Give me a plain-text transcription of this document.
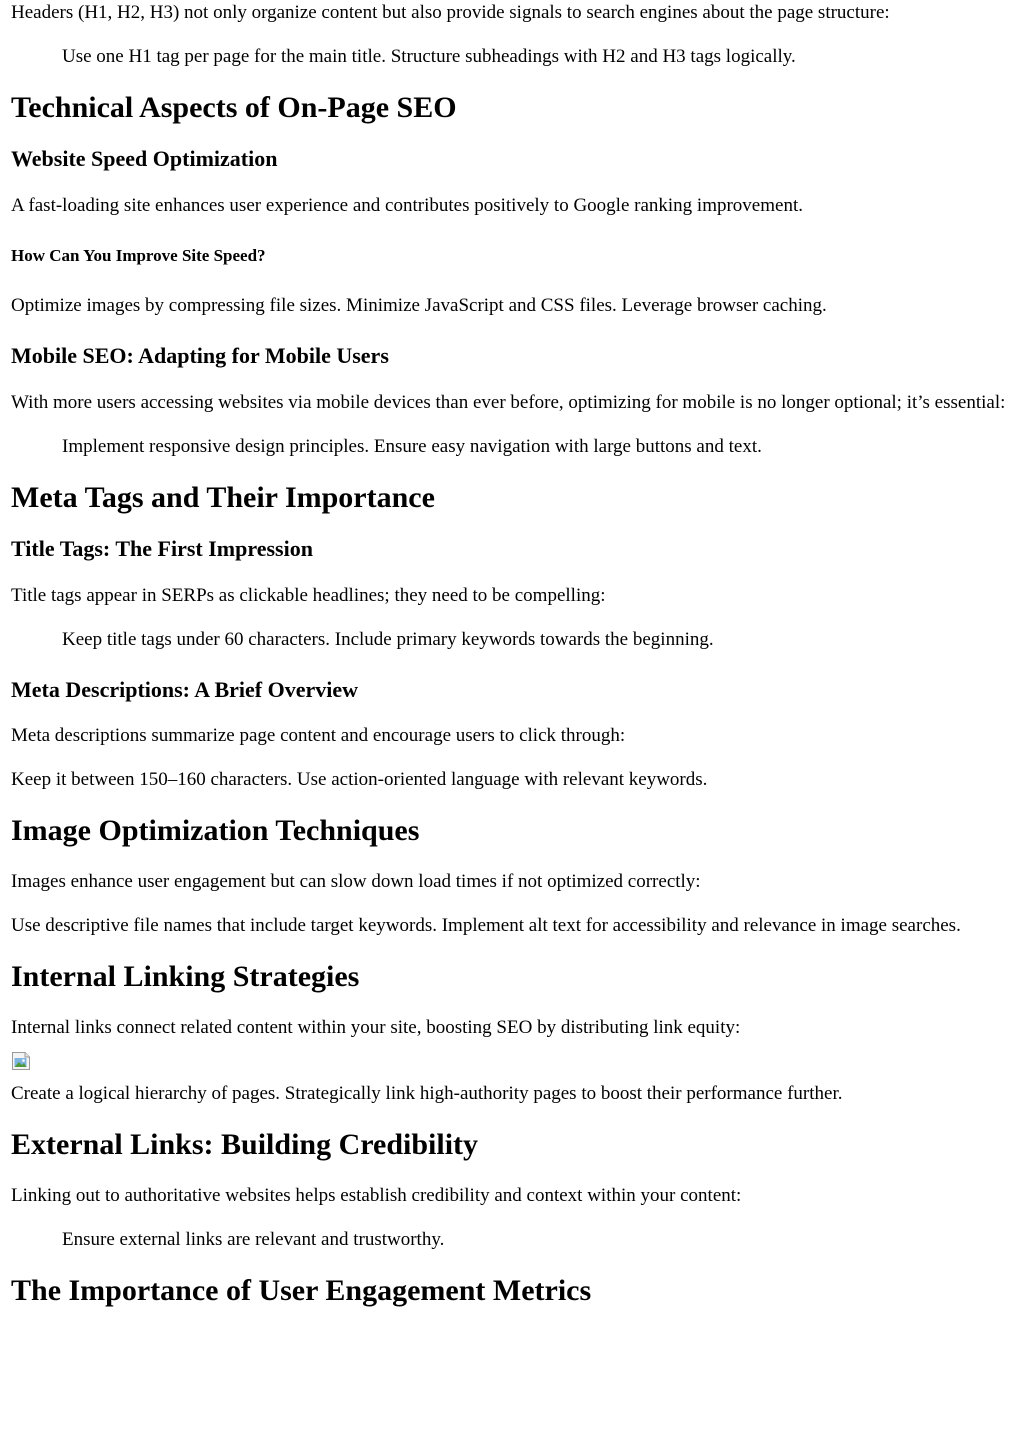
Headers (H1, H2, H3) not only organize content but also provide signals to search engines about the page structure:

Use one H1 tag per page for the main title. Structure subheadings with H2 and H3 tags logically.
Technical Aspects of On-Page SEO
Website Speed Optimization

A fast-loading site enhances user experience and contributes positively to Google ranking improvement.

How Can You Improve Site Speed?

Optimize images by compressing file sizes. Minimize JavaScript and CSS files. Leverage browser caching.

Mobile SEO: Adapting for Mobile Users

With more users accessing websites via mobile devices than ever before, optimizing for mobile is no longer optional; it’s essential:

Implement responsive design principles. Ensure easy navigation with large buttons and text.
Meta Tags and Their Importance
Title Tags: The First Impression

Title tags appear in SERPs as clickable headlines; they need to be compelling:

Keep title tags under 60 characters. Include primary keywords towards the beginning.
Meta Descriptions: A Brief Overview

Meta descriptions summarize page content and encourage users to click through:

Keep it between 150–160 characters. Use action-oriented language with relevant keywords.

Image Optimization Techniques

Images enhance user engagement but can slow down load times if not optimized correctly:

Use descriptive file names that include target keywords. Implement alt text for accessibility and relevance in image searches.

Internal Linking Strategies

Internal links connect related content within your site, boosting SEO by distributing link equity:

Create a logical hierarchy of pages. Strategically link high-authority pages to boost their performance further.

External Links: Building Credibility

Linking out to authoritative websites helps establish credibility and context within your content:

Ensure external links are relevant and trustworthy.
The Importance of User Engagement Metrics
